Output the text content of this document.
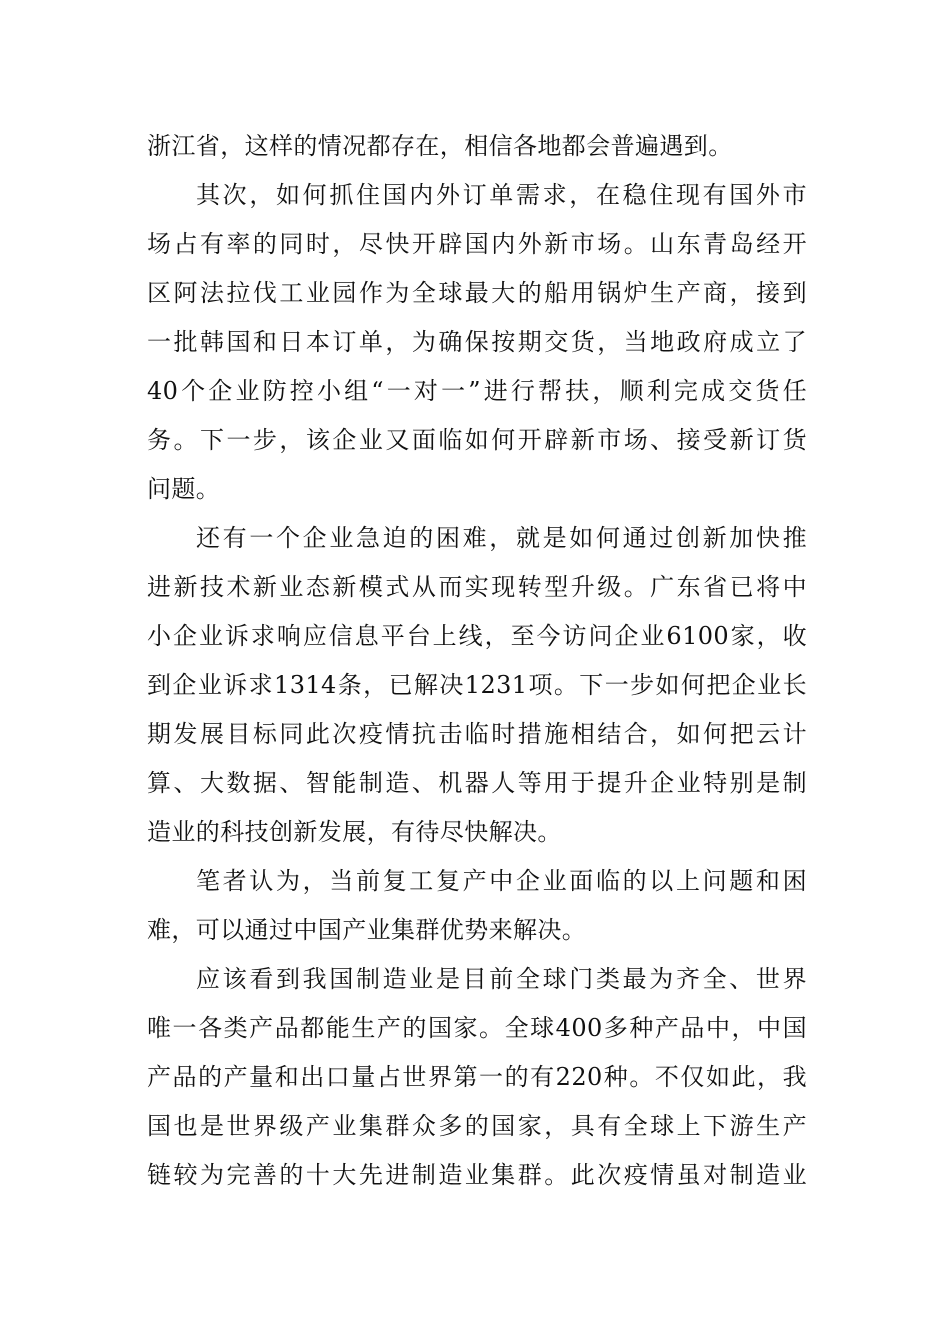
浙江省，这样的情况都存在，相信各地都会普遍遇到。
其次，如何抓住国内外订单需求，在稳住现有国外市
场占有率的同时，尽快开辟国内外新市场。山东青岛经开
区阿法拉伐工业园作为全球最大的船用锅炉生产商，接到
一批韩国和日本订单，为确保按期交货，当地政府成立了
40个企业防控小组“一对一”进行帮扶，顺利完成交货任
务。下一步，该企业又面临如何开辟新市场、接受新订货
问题。
还有一个企业急迫的困难，就是如何通过创新加快推
进新技术新业态新模式从而实现转型升级。广东省已将中
小企业诉求响应信息平台上线，至今访问企业6100家，收
到企业诉求1314条，已解决1231项。下一步如何把企业长
期发展目标同此次疫情抗击临时措施相结合，如何把云计
算、大数据、智能制造、机器人等用于提升企业特别是制
造业的科技创新发展，有待尽快解决。
笔者认为，当前复工复产中企业面临的以上问题和困
难，可以通过中国产业集群优势来解决。
应该看到我国制造业是目前全球门类最为齐全、世界
唯一各类产品都能生产的国家。全球400多种产品中，中国
产品的产量和出口量占世界第一的有220种。不仅如此，我
国也是世界级产业集群众多的国家，具有全球上下游生产
链较为完善的十大先进制造业集群。此次疫情虽对制造业
